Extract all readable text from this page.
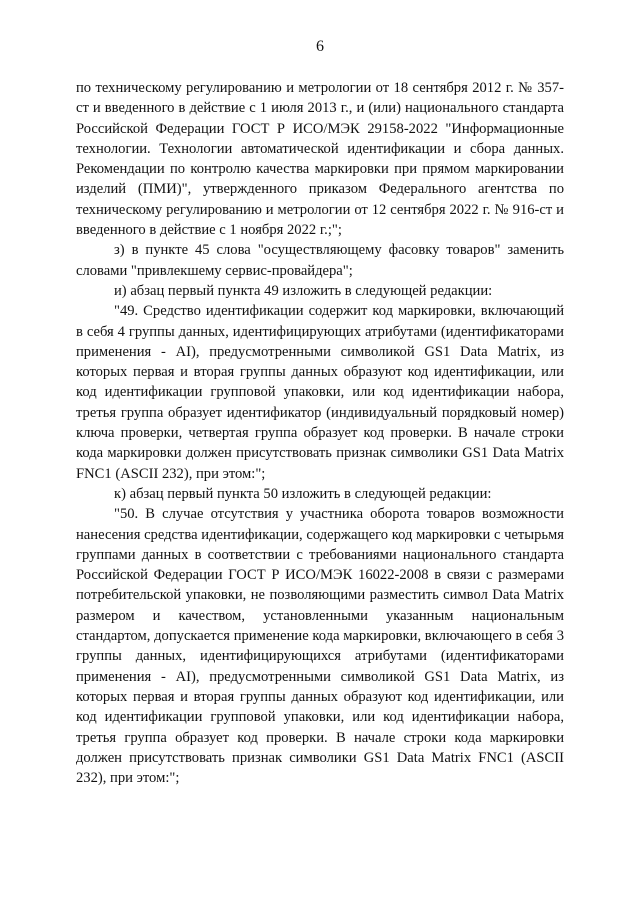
6

по техническому регулированию и метрологии от 18 сентября 2012 г. № 357-ст и введенного в действие с 1 июля 2013 г., и (или) национального стандарта Российской Федерации ГОСТ Р ИСО/МЭК 29158-2022 "Информационные технологии. Технологии автоматической идентификации и сбора данных. Рекомендации по контролю качества маркировки при прямом маркировании изделий (ПМИ)", утвержденного приказом Федерального агентства по техническому регулированию и метрологии от 12 сентября 2022 г. № 916-ст и введенного в действие с 1 ноября 2022 г.;";

з) в пункте 45 слова "осуществляющему фасовку товаров" заменить словами "привлекшему сервис-провайдера";

и) абзац первый пункта 49 изложить в следующей редакции:

"49. Средство идентификации содержит код маркировки, включающий в себя 4 группы данных, идентифицирующих атрибутами (идентификаторами применения - AI), предусмотренными символикой GS1 Data Matrix, из которых первая и вторая группы данных образуют код идентификации, или код идентификации групповой упаковки, или код идентификации набора, третья группа образует идентификатор (индивидуальный порядковый номер) ключа проверки, четвертая группа образует код проверки. В начале строки кода маркировки должен присутствовать признак символики GS1 Data Matrix FNC1 (ASCII 232), при этом:";

к) абзац первый пункта 50 изложить в следующей редакции:

"50. В случае отсутствия у участника оборота товаров возможности нанесения средства идентификации, содержащего код маркировки с четырьмя группами данных в соответствии с требованиями национального стандарта Российской Федерации ГОСТ Р ИСО/МЭК 16022-2008 в связи с размерами потребительской упаковки, не позволяющими разместить символ Data Matrix размером и качеством, установленными указанным национальным стандартом, допускается применение кода маркировки, включающего в себя 3 группы данных, идентифицирующихся атрибутами (идентификаторами применения - AI), предусмотренными символикой GS1 Data Matrix, из которых первая и вторая группы данных образуют код идентификации, или код идентификации групповой упаковки, или код идентификации набора, третья группа образует код проверки. В начале строки кода маркировки должен присутствовать признак символики GS1 Data Matrix FNC1 (ASCII 232), при этом:";
